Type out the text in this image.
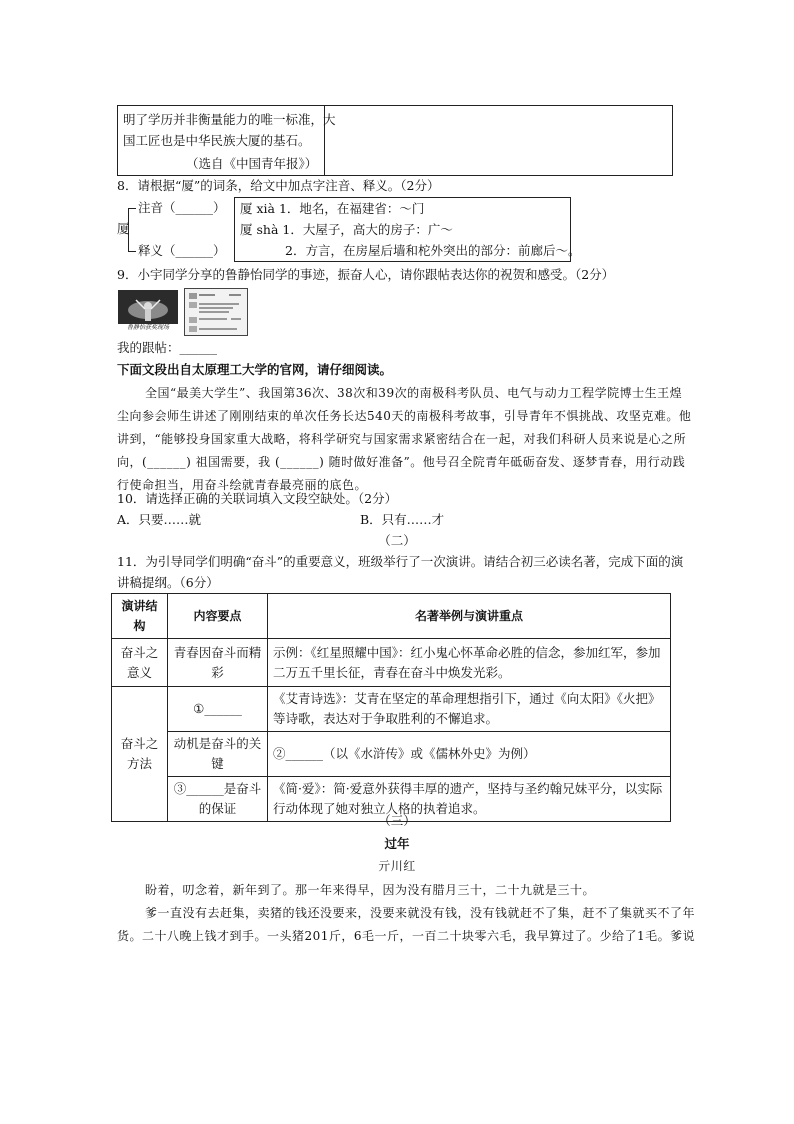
明了学历并非衡量能力的唯一标准，大
国工匠也是中华民族大厦的基石。
（选自《中国青年报》）
8．请根据“厦”的词条，给文中加点字注音、释义。（2分）
厦
注音（______）
释义（______）
厦 xià 1．地名，在福建省：～门
厦 shà 1．大屋子，高大的房子：广～
2．方言，在房屋后墙和柁外突出的部分：前廊后～。
9．小宇同学分享的鲁静怡同学的事迹，振奋人心，请你跟帖表达你的祝贺和感受。（2分）
鲁静怡获奖现场
我的跟帖：______
下面文段出自太原理工大学的官网，请仔细阅读。
全国“最美大学生”、我国第36次、38次和39次的南极科考队员、电气与动力工程学院博士生王煌
尘向参会师生讲述了刚刚结束的单次任务长达540天的南极科考故事，引导青年不惧挑战、攻坚克难。他
讲到，“能够投身国家重大战略，将科学研究与国家需求紧密结合在一起，对我们科研人员来说是心之所
向，(______) 祖国需要，我 (______) 随时做好准备”。他号召全院青年砥砺奋发、逐梦青春，用行动践
行使命担当，用奋斗绘就青春最亮丽的底色。
10．请选择正确的关联词填入文段空缺处。（2分）
A．只要……就	B．只有……才
（二）
11．为引导同学们明确“奋斗”的重要意义，班级举行了一次演讲。请结合初三必读名著，完成下面的演
讲稿提纲。（6分）
演讲结构	内容要点	名著举例与演讲重点
奋斗之意义	青春因奋斗而精彩	示例：《红星照耀中国》：红小鬼心怀革命必胜的信念，参加红军，参加二万五千里长征，青春在奋斗中焕发光彩。
奋斗之方法	①______	《艾青诗选》：艾青在坚定的革命理想指引下，通过《向太阳》《火把》等诗歌，表达对于争取胜利的不懈追求。
	动机是奋斗的关键	②______（以《水浒传》或《儒林外史》为例）
	③______是奋斗的保证	《简·爱》：简·爱意外获得丰厚的遗产，坚持与圣约翰兄妹平分，以实际行动体现了她对独立人格的执着追求。
（三）
过年
亓川红
盼着，叨念着，新年到了。那一年来得早，因为没有腊月三十，二十九就是三十。
爹一直没有去赶集，卖猪的钱还没要来，没要来就没有钱，没有钱就赶不了集，赶不了集就买不了年
货。二十八晚上钱才到手。一头猪201斤，6毛一斤，一百二十块零六毛，我早算过了。少给了1毛。爹说
